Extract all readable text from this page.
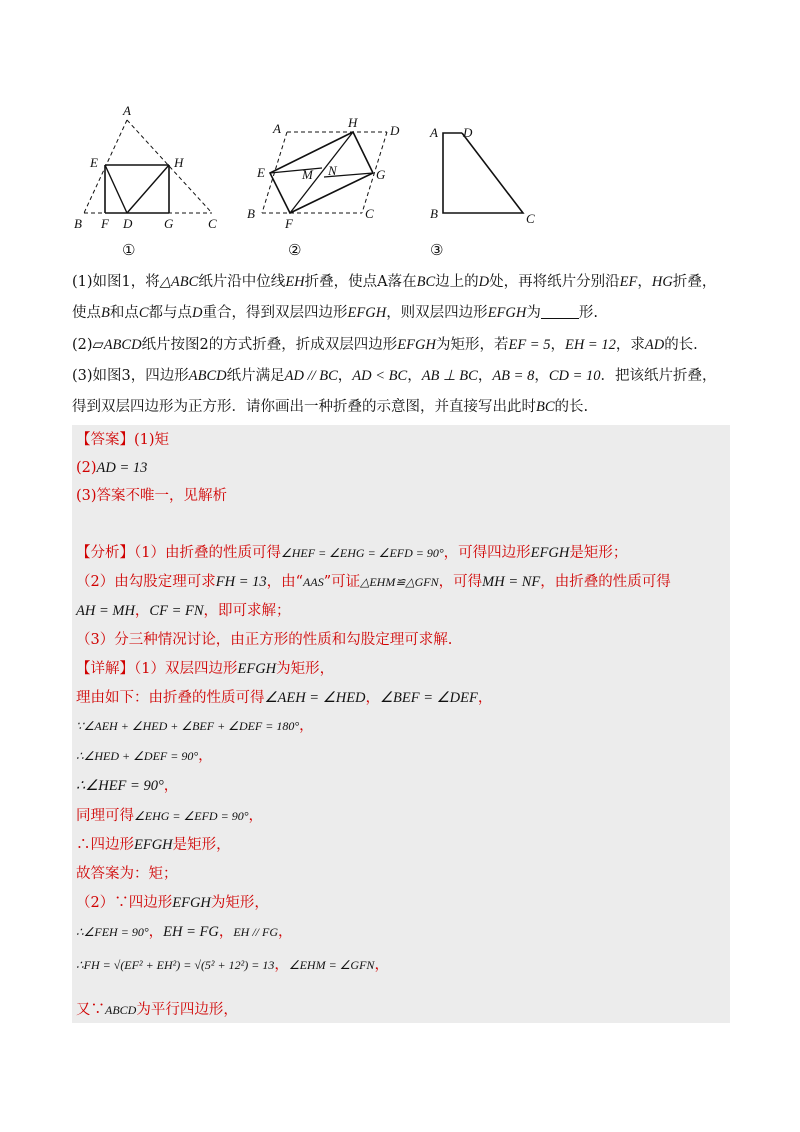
A
E	H
B F D G	C
①
A	H
D
E	M N	G
B	C
F
②
A D
B	C
③
(1)如图1，将△ABC纸片沿中位线EH折叠，使点A落在BC边上的D处，再将纸片分别沿EF，HG折叠，
使点B和点C都与点D重合，得到双层四边形EFGH，则双层四边形EFGH为	形.
(2)▱ABCD纸片按图2的方式折叠，折成双层四边形EFGH为矩形，若EF = 5，EH = 12，求AD的长.
(3)如图3，四边形ABCD纸片满足AD // BC，AD < BC，AB ⊥ BC，AB = 8，CD = 10．把该纸片折叠，
得到双层四边形为正方形．请你画出一种折叠的示意图，并直接写出此时BC的长.
【答案】(1)矩
(2)AD = 13
(3)答案不唯一，见解析
【分析】（1）由折叠的性质可得∠HEF = ∠EHG = ∠EFD = 90°，可得四边形EFGH是矩形；
（2）由勾股定理可求FH = 13，由“AAS”可证△EHM≌△GFN，可得MH = NF，由折叠的性质可得
AH = MH，CF = FN，即可求解；
（3）分三种情况讨论，由正方形的性质和勾股定理可求解.
【详解】（1）双层四边形EFGH为矩形，
理由如下：由折叠的性质可得∠AEH = ∠HED，∠BEF = ∠DEF，
∵∠AEH + ∠HED + ∠BEF + ∠DEF = 180°，
∴∠HED + ∠DEF = 90°，
∴∠HEF = 90°，
同理可得∠EHG = ∠EFD = 90°，
∴四边形EFGH是矩形，
故答案为：矩；
（2）∵四边形EFGH为矩形，
∴∠FEH = 90°，EH = FG，EH // FG，
∴FH = √(EF² + EH²) = √(5² + 12²) = 13，∠EHM = ∠GFN，
又∵ABCD为平行四边形，
